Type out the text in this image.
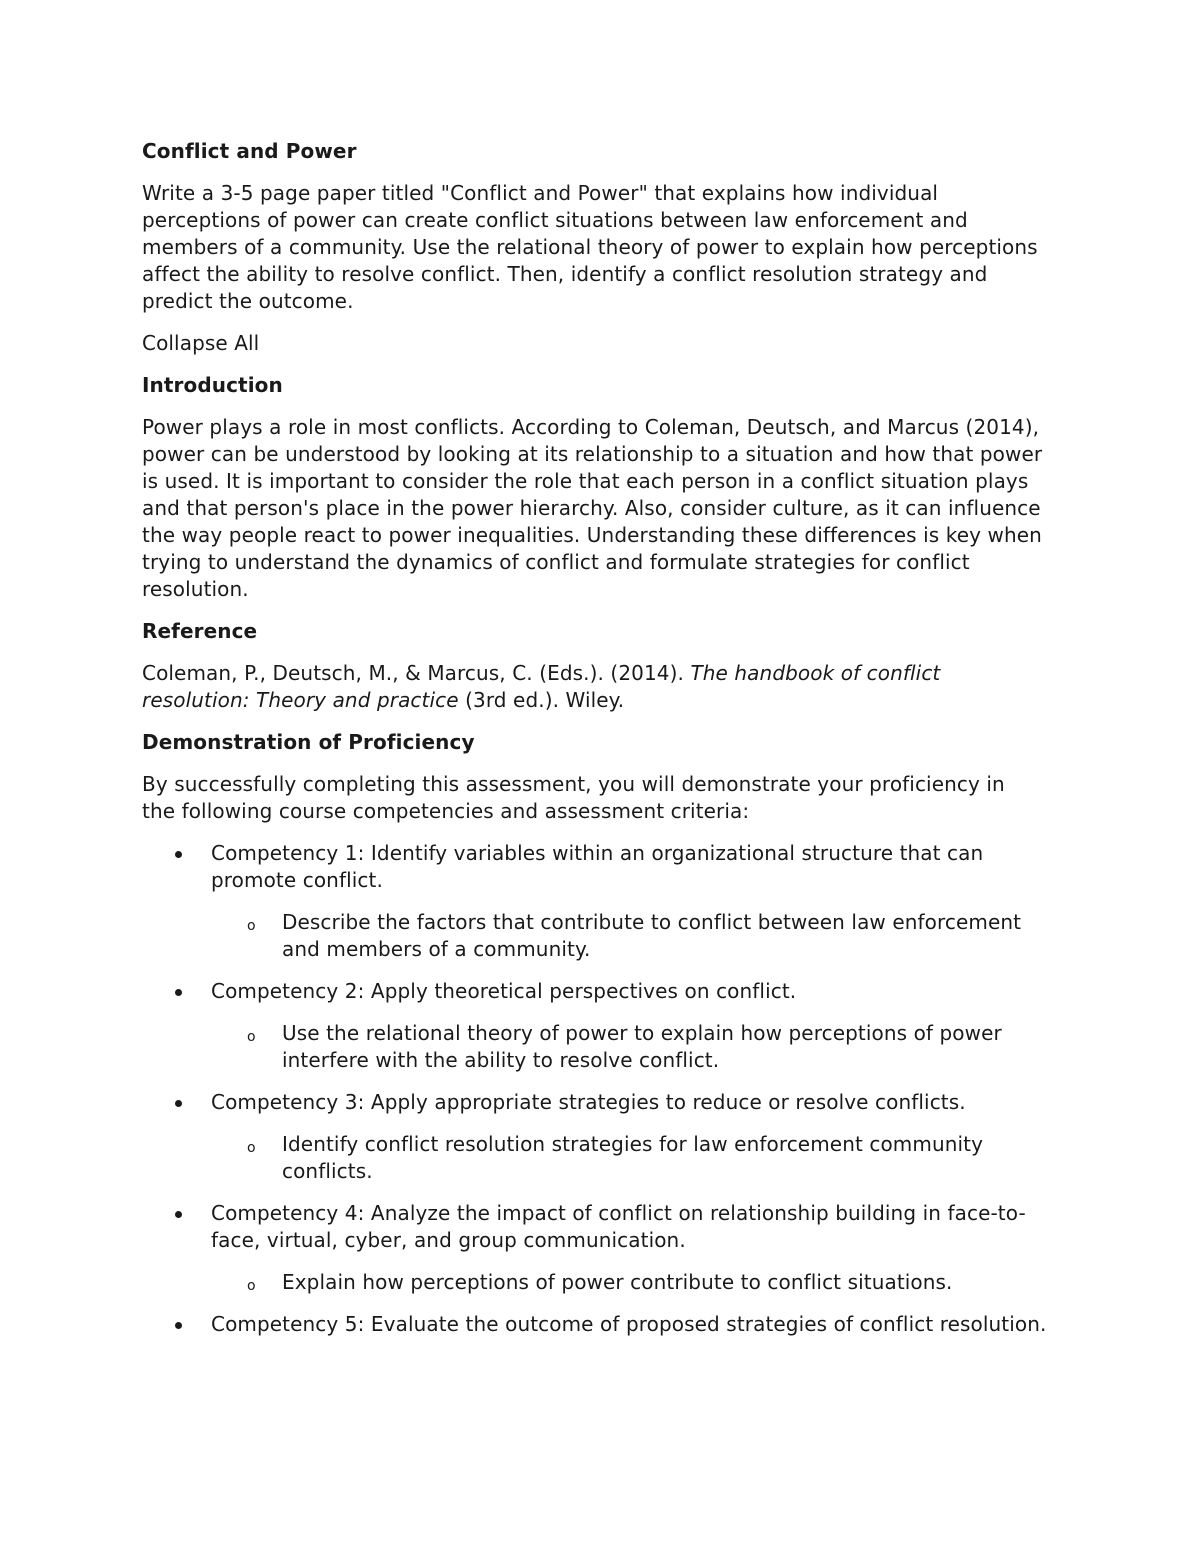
Conflict and Power

Write a 3-5 page paper titled "Conflict and Power" that explains how individual perceptions of power can create conflict situations between law enforcement and members of a community. Use the relational theory of power to explain how perceptions affect the ability to resolve conflict. Then, identify a conflict resolution strategy and predict the outcome.

Collapse All

Introduction

Power plays a role in most conflicts. According to Coleman, Deutsch, and Marcus (2014), power can be understood by looking at its relationship to a situation and how that power is used. It is important to consider the role that each person in a conflict situation plays and that person's place in the power hierarchy. Also, consider culture, as it can influence the way people react to power inequalities. Understanding these differences is key when trying to understand the dynamics of conflict and formulate strategies for conflict resolution.

Reference

Coleman, P., Deutsch, M., & Marcus, C. (Eds.). (2014). The handbook of conflict resolution: Theory and practice (3rd ed.). Wiley.

Demonstration of Proficiency

By successfully completing this assessment, you will demonstrate your proficiency in the following course competencies and assessment criteria:

Competency 1: Identify variables within an organizational structure that can promote conflict.
o Describe the factors that contribute to conflict between law enforcement and members of a community.
Competency 2: Apply theoretical perspectives on conflict.
o Use the relational theory of power to explain how perceptions of power interfere with the ability to resolve conflict.
Competency 3: Apply appropriate strategies to reduce or resolve conflicts.
o Identify conflict resolution strategies for law enforcement community conflicts.
Competency 4: Analyze the impact of conflict on relationship building in face-to-face, virtual, cyber, and group communication.
o Explain how perceptions of power contribute to conflict situations.
Competency 5: Evaluate the outcome of proposed strategies of conflict resolution.
